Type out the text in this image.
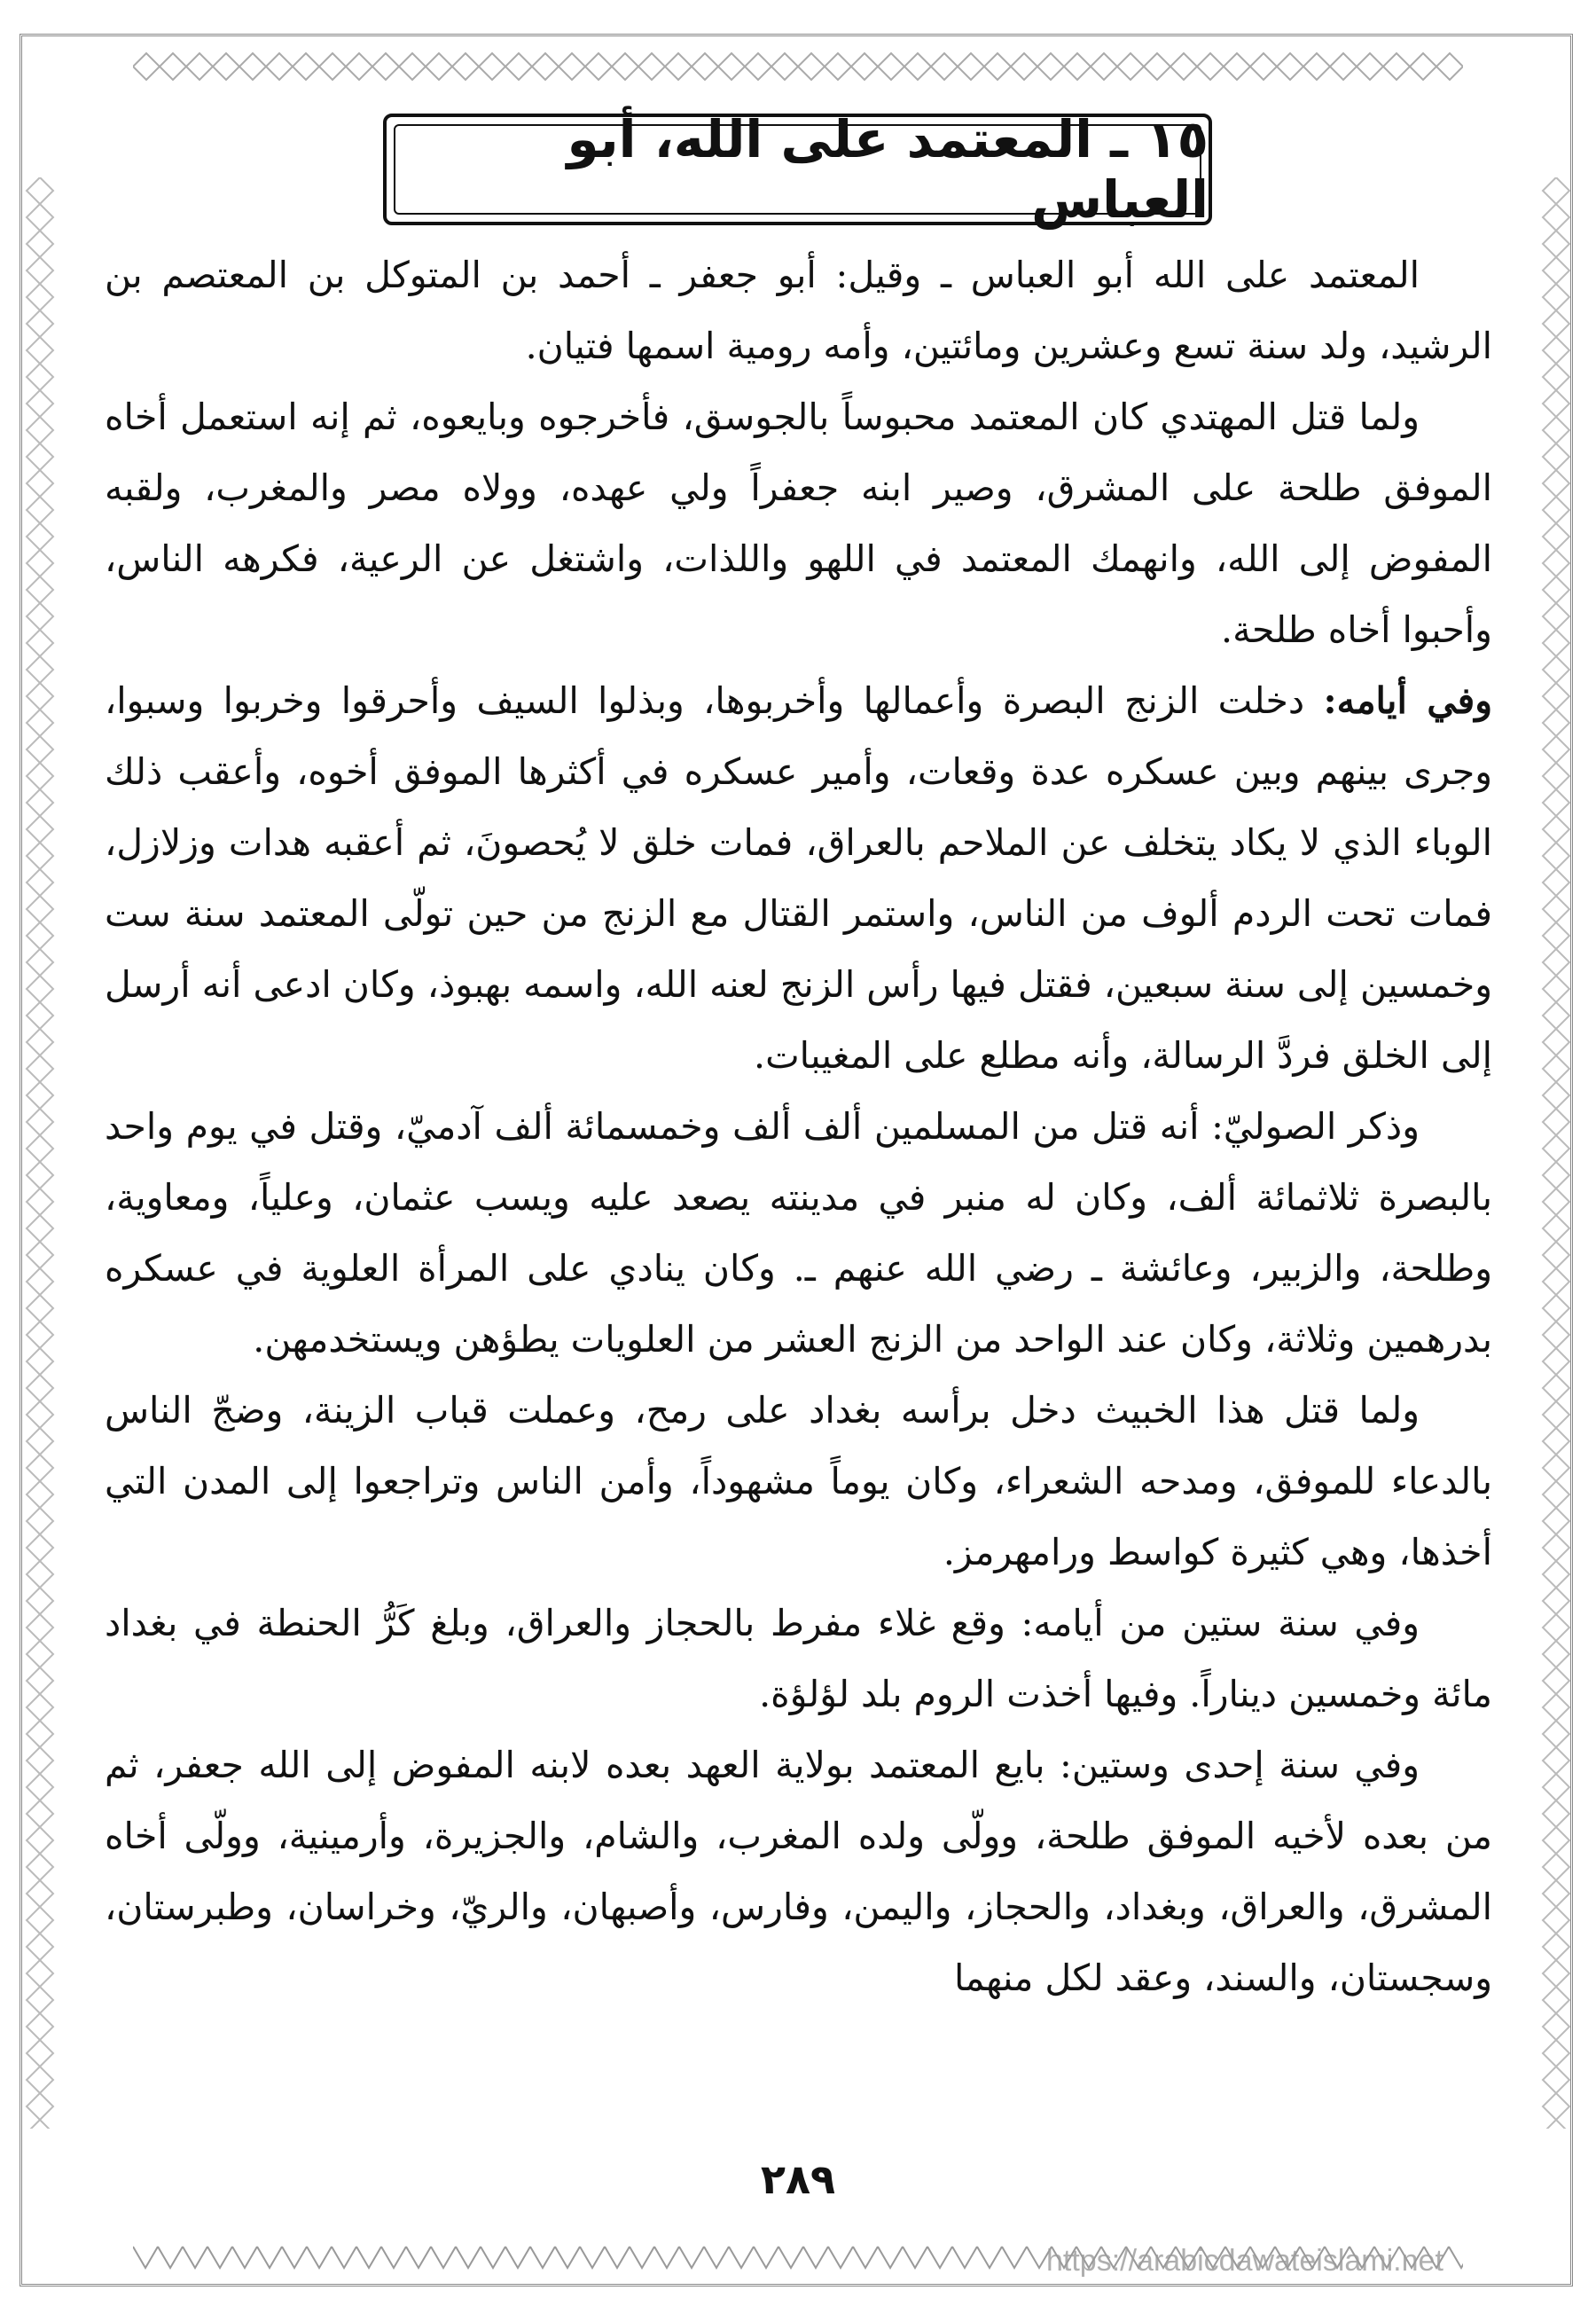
١٥ ـ المعتمد على الله، أبو العباس

  المعتمد على الله أبو العباس ـ وقيل: أبو جعفر ـ أحمد بن المتوكل بن المعتصم بن الرشيد، ولد سنة تسع وعشرين ومائتين، وأمه رومية اسمها فتيان.

  ولما قتل المهتدي كان المعتمد محبوساً بالجوسق، فأخرجوه وبايعوه، ثم إنه استعمل أخاه الموفق طلحة على المشرق، وصير ابنه جعفراً ولي عهده، وولاه مصر والمغرب، ولقبه المفوض إلى الله، وانهمك المعتمد في اللهو واللذات، واشتغل عن الرعية، فكرهه الناس، وأحبوا أخاه طلحة.

وفي أيامه: دخلت الزنج البصرة وأعمالها وأخربوها، وبذلوا السيف وأحرقوا وخربوا وسبوا، وجرى بينهم وبين عسكره عدة وقعات، وأمير عسكره في أكثرها الموفق أخوه، وأعقب ذلك الوباء الذي لا يكاد يتخلف عن الملاحم بالعراق، فمات خلق لا يُحصونَ، ثم أعقبه هدات وزلازل، فمات تحت الردم ألوف من الناس، واستمر القتال مع الزنج من حين تولّى المعتمد سنة ست وخمسين إلى سنة سبعين، فقتل فيها رأس الزنج لعنه الله، واسمه بهبوذ، وكان ادعى أنه أرسل إلى الخلق فردَّ الرسالة، وأنه مطلع على المغيبات.

  وذكر الصوليّ: أنه قتل من المسلمين ألف ألف وخمسمائة ألف آدميّ، وقتل في يوم واحد بالبصرة ثلاثمائة ألف، وكان له منبر في مدينته يصعد عليه ويسب عثمان، وعلياً، ومعاوية، وطلحة، والزبير، وعائشة ـ رضي الله عنهم ـ. وكان ينادي على المرأة العلوية في عسكره بدرهمين وثلاثة، وكان عند الواحد من الزنج العشر من العلويات يطؤهن ويستخدمهن.

  ولما قتل هذا الخبيث دخل برأسه بغداد على رمح، وعملت قباب الزينة، وضجّ الناس بالدعاء للموفق، ومدحه الشعراء، وكان يوماً مشهوداً، وأمن الناس وتراجعوا إلى المدن التي أخذها، وهي كثيرة كواسط ورامهرمز.

  وفي سنة ستين من أيامه: وقع غلاء مفرط بالحجاز والعراق، وبلغ كَرُّ الحنطة في بغداد مائة وخمسين ديناراً. وفيها أخذت الروم بلد لؤلؤة.

  وفي سنة إحدى وستين: بايع المعتمد بولاية العهد بعده لابنه المفوض إلى الله جعفر، ثم من بعده لأخيه الموفق طلحة، وولّى ولده المغرب، والشام، والجزيرة، وأرمينية، وولّى أخاه المشرق، والعراق، وبغداد، والحجاز، واليمن، وفارس، وأصبهان، والريّ، وخراسان، وطبرستان، وسجستان، والسند، وعقد لكل منهما

٢٨٩
https://arabicdawateislami.net
